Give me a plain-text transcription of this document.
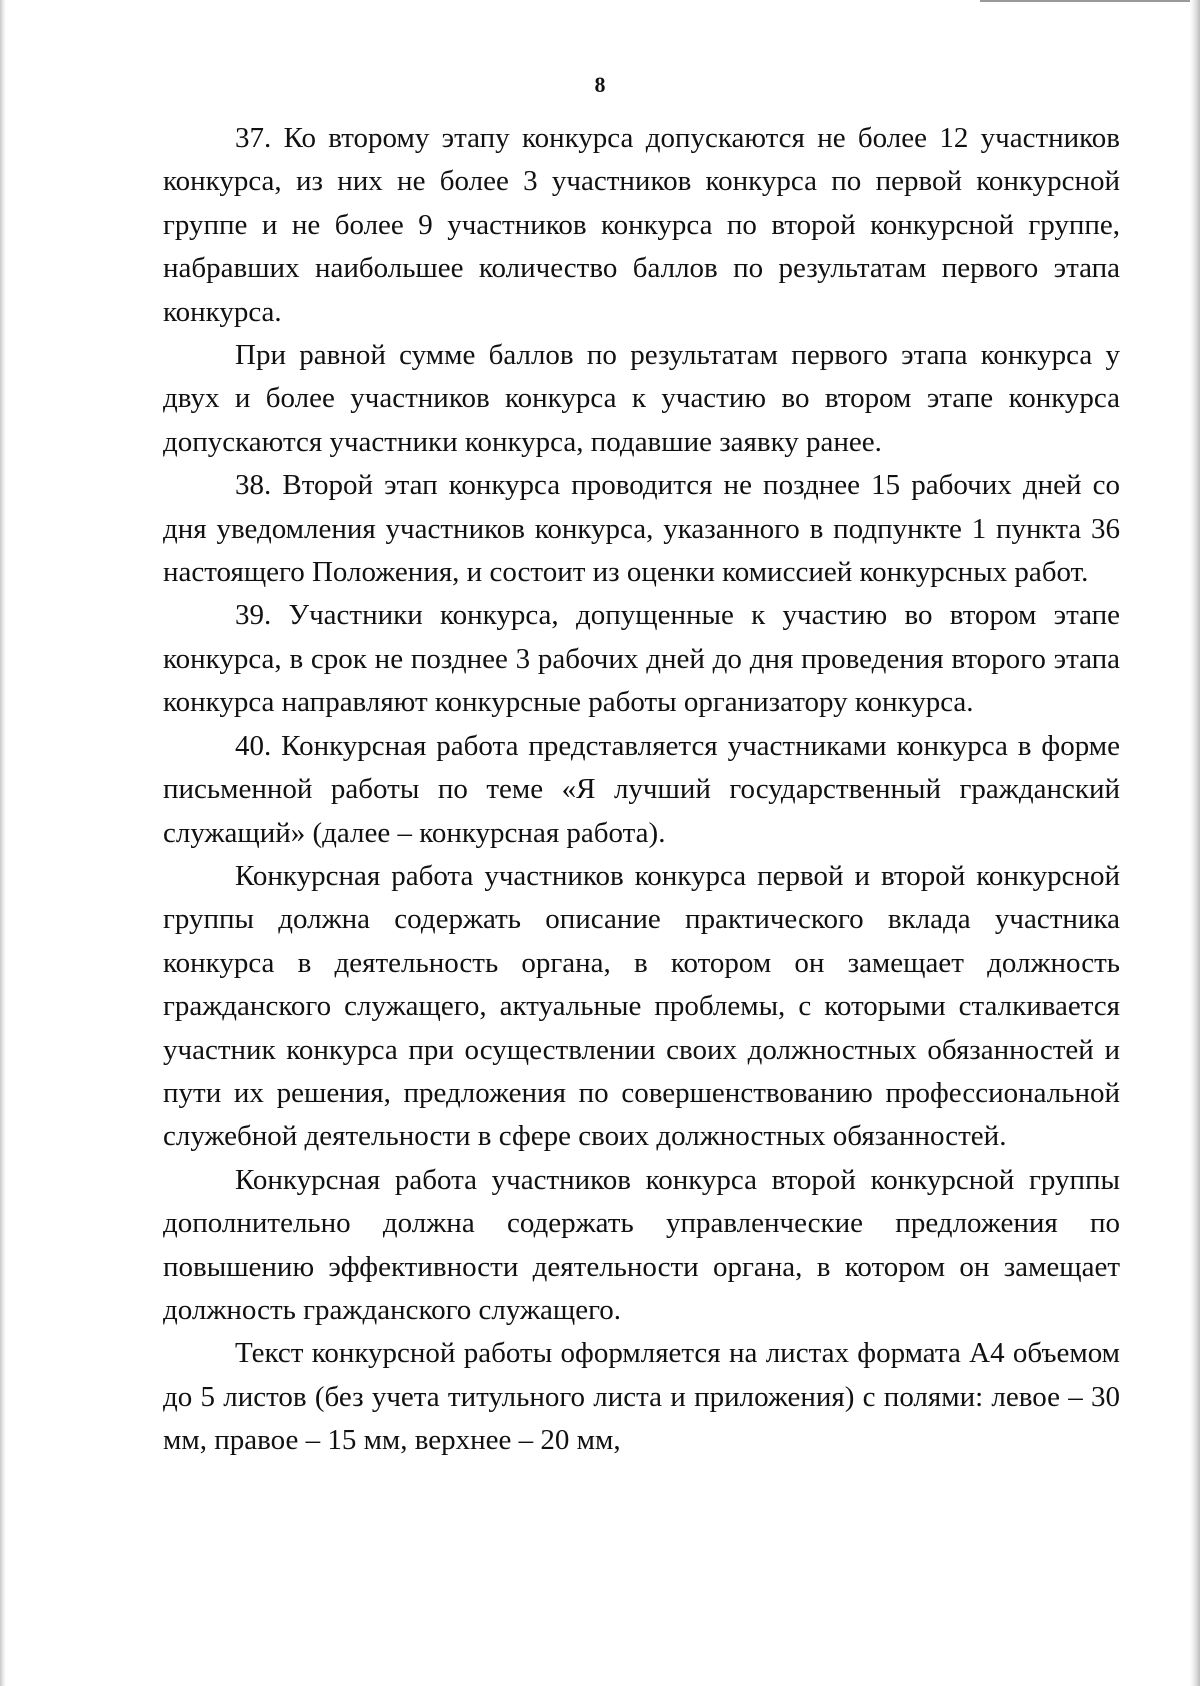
8

37. Ко второму этапу конкурса допускаются не более 12 участников конкурса, из них не более 3 участников конкурса по первой конкурсной группе и не более 9 участников конкурса по второй конкурсной группе, набравших наибольшее количество баллов по результатам первого этапа конкурса.

При равной сумме баллов по результатам первого этапа конкурса у двух и более участников конкурса к участию во втором этапе конкурса допускаются участники конкурса, подавшие заявку ранее.

38. Второй этап конкурса проводится не позднее 15 рабочих дней со дня уведомления участников конкурса, указанного в подпункте 1 пункта 36 настоящего Положения, и состоит из оценки комиссией конкурсных работ.

39. Участники конкурса, допущенные к участию во втором этапе конкурса, в срок не позднее 3 рабочих дней до дня проведения второго этапа конкурса направляют конкурсные работы организатору конкурса.

40. Конкурсная работа представляется участниками конкурса в форме письменной работы по теме «Я лучший государственный гражданский служащий» (далее – конкурсная работа).

Конкурсная работа участников конкурса первой и второй конкурсной группы должна содержать описание практического вклада участника конкурса в деятельность органа, в котором он замещает должность гражданского служащего, актуальные проблемы, с которыми сталкивается участник конкурса при осуществлении своих должностных обязанностей и пути их решения, предложения по совершенствованию профессиональной служебной деятельности в сфере своих должностных обязанностей.

Конкурсная работа участников конкурса второй конкурсной группы дополнительно должна содержать управленческие предложения по повышению эффективности деятельности органа, в котором он замещает должность гражданского служащего.

Текст конкурсной работы оформляется на листах формата А4 объемом до 5 листов (без учета титульного листа и приложения) с полями: левое – 30 мм, правое – 15 мм, верхнее – 20 мм,
